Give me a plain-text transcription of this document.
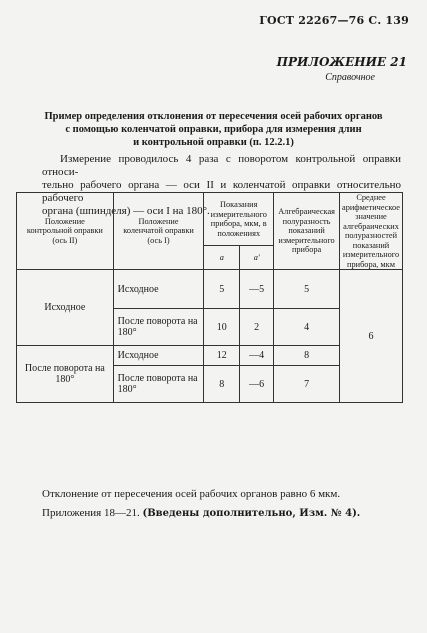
ГОСТ 22267—76 С. 139
ПРИЛОЖЕНИЕ 21
Справочное
Пример определения отклонения от пересечения осей рабочих органов
с помощью коленчатой оправки, прибора для измерения длин
и контрольной оправки (п. 12.2.1)
Измерение проводилось 4 раза с поворотом контрольной оправки относи-
тельно рабочего органа — оси II и коленчатой оправки относительно рабочего
органа (шпинделя) — оси I на 180°.
Положение контрольной оправки (ось II)	Положение коленчатой оправки (ось I)	Показания измерительного прибора, мкм, в положениях		Алгебраическая полуразность показаний измерительного прибора	Среднее арифметическое значение алгебраических полуразностей показаний измерительного прибора, мкм
		a	a'		
Исходное	Исходное	5	—5	5	6
	После поворота на 180°	10	2	4	
После поворота на 180°	Исходное	12	—4	8	
	После поворота на 180°	8	—6	7	
Отклонение от пересечения осей рабочих органов равно 6 мкм.
Приложения 18—21. (Введены дополнительно, Изм. № 4).
